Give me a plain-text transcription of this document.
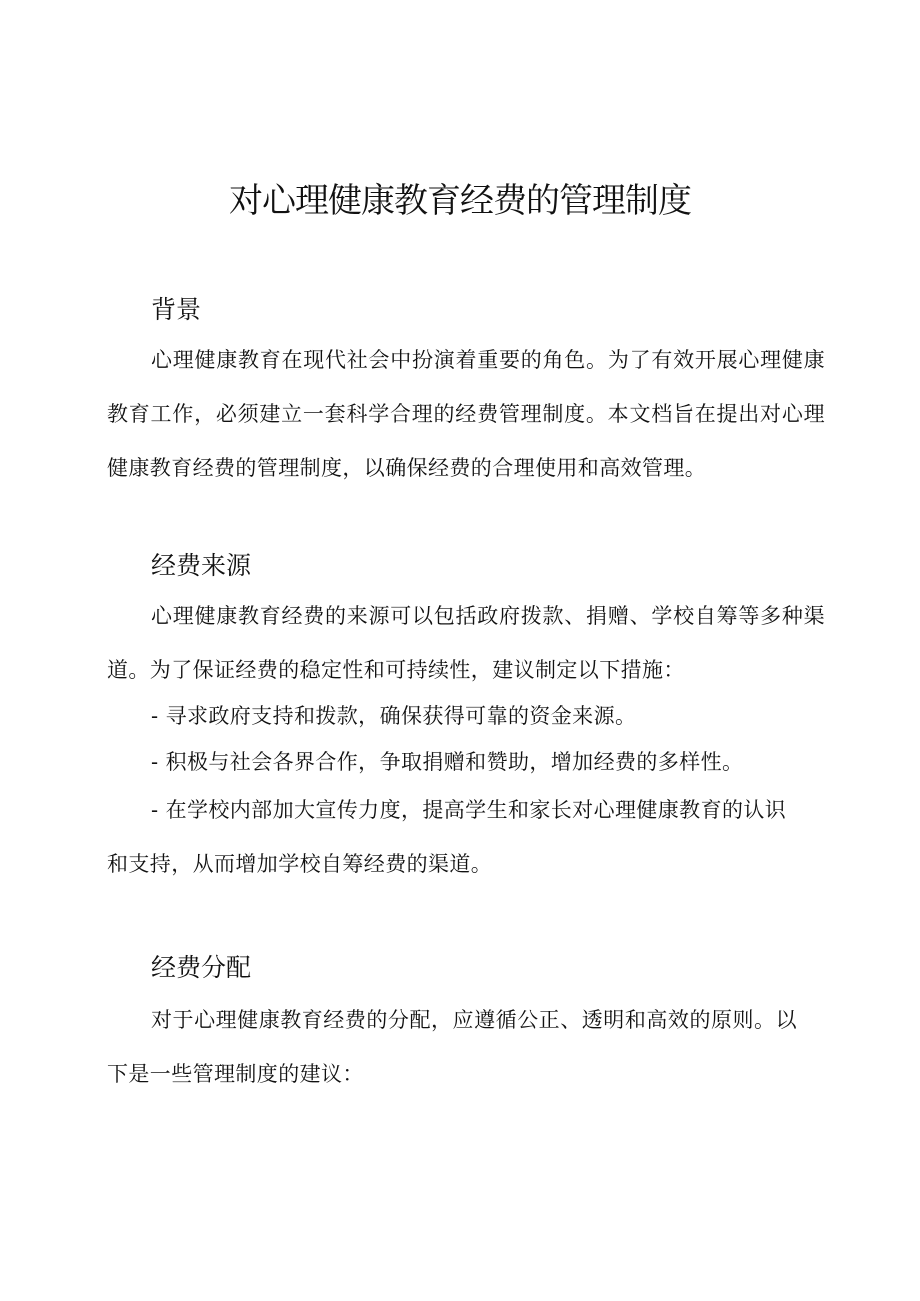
对心理健康教育经费的管理制度
背景

心理健康教育在现代社会中扮演着重要的角色。为了有效开展心理健康教育工作，必须建立一套科学合理的经费管理制度。本文档旨在提出对心理健康教育经费的管理制度，以确保经费的合理使用和高效管理。

经费来源

心理健康教育经费的来源可以包括政府拨款、捐赠、学校自筹等多种渠道。为了保证经费的稳定性和可持续性，建议制定以下措施：

- 寻求政府支持和拨款，确保获得可靠的资金来源。

- 积极与社会各界合作，争取捐赠和赞助，增加经费的多样性。

- 在学校内部加大宣传力度，提高学生和家长对心理健康教育的认识和支持，从而增加学校自筹经费的渠道。

经费分配

对于心理健康教育经费的分配，应遵循公正、透明和高效的原则。以下是一些管理制度的建议：
